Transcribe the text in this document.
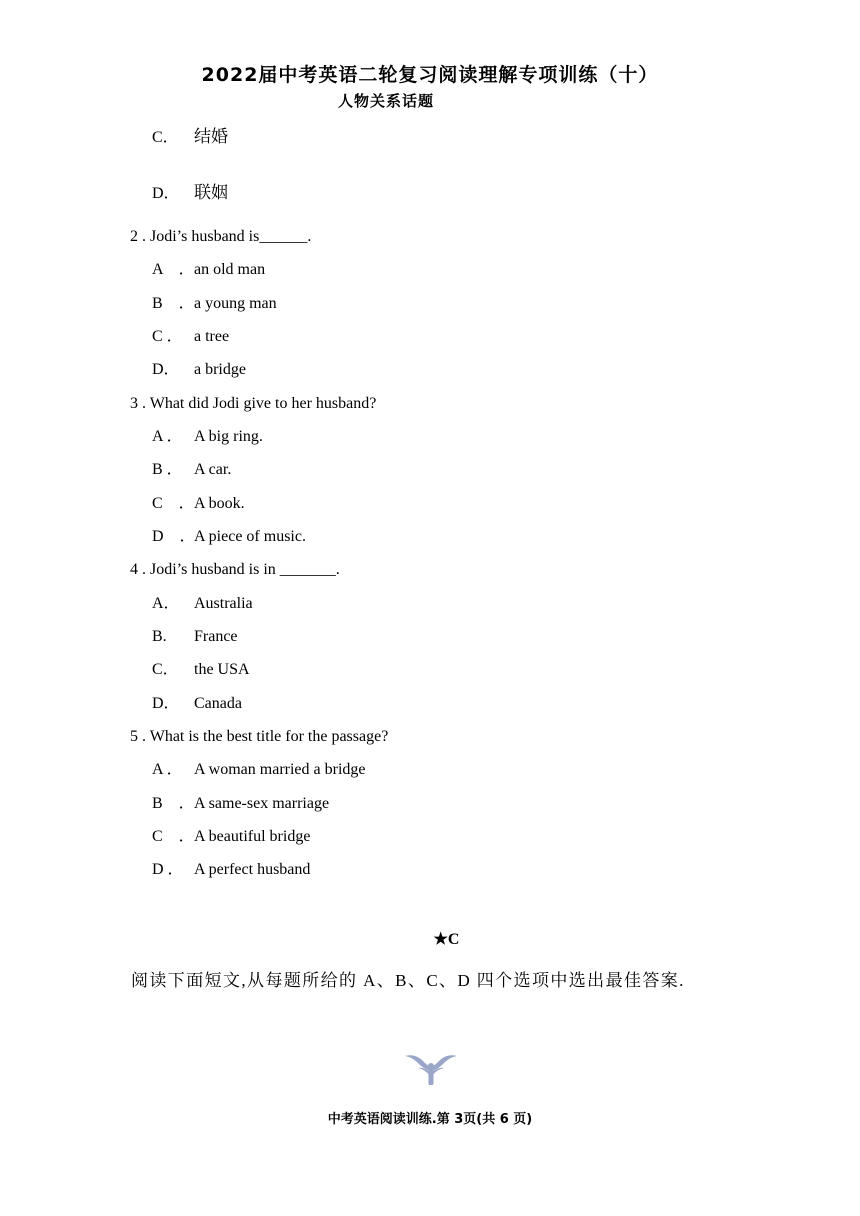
2022届中考英语二轮复习阅读理解专项训练（十）
人物关系话题
C． 结婚
D． 联姻
2 . Jodi’s husband is______.
A　． an old man
B　． a young man
C ． a tree
D． a bridge
3 . What did Jodi give to her husband?
A ． A big ring.
B ． A car.
C　． A book.
D　．
A piece of music.
4 . Jodi’s husband is in _______.
A． Australia
B. France
C． the USA
D． Canada
5 . What is the best title for the passage?
A ． A woman married a bridge
B　． A same-sex marriage
C　． A beautiful bridge
D ． A perfect husband
★C
阅读下面短文,从每题所给的 A、B、C、D 四个选项中选出最佳答案.
中考英语阅读训练.第 3页(共 6 页)
